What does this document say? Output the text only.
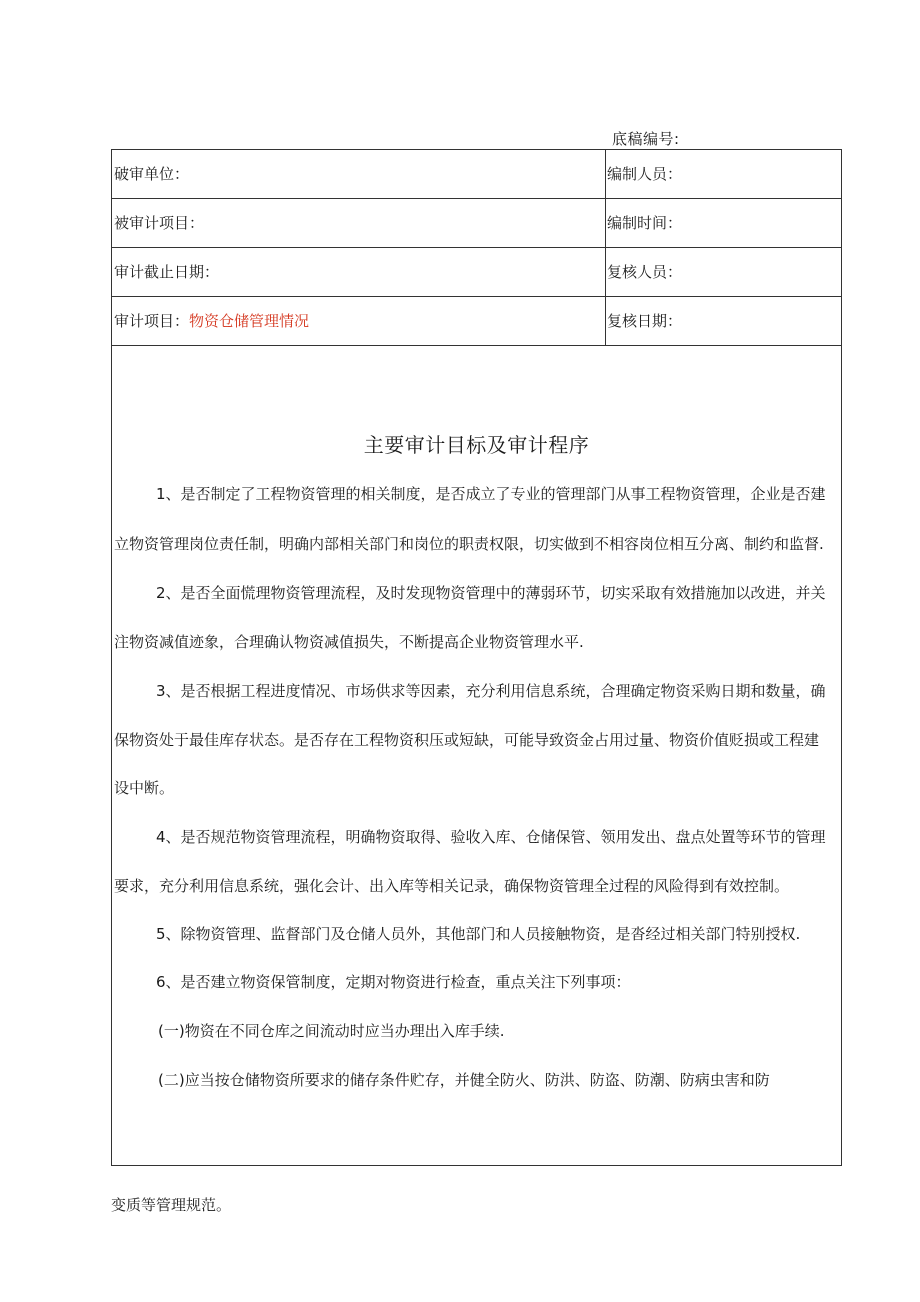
底稿编号:
破审单位：	编制人员：
被审计项目：	编制时间：
审计截止日期：	复核人员：
审计项目：物资仓储管理情况	复核日期：
主要审计目标及审计程序
1、是否制定了工程物资管理的相关制度，是否成立了专业的管理部门从事工程物资管理，企业是否建
立物资管理岗位责任制，明确内部相关部门和岗位的职责权限，切实做到不相容岗位相互分离、制约和监督.
2、是否全面慌理物资管理流程，及时发现物资管理中的薄弱环节，切实采取有效措施加以改进，并关
注物资减值迹象，合理确认物资减值损失，不断提高企业物资管理水平.
3、是否根据工程进度情况、市场供求等因素，充分利用信息系统，合理确定物资采购日期和数量，确
保物资处于最佳库存状态。是否存在工程物资积压或短缺，可能导致资金占用过量、物资价值贬损或工程建
设中断。
4、是否规范物资管理流程，明确物资取得、验收入库、仓储保管、领用发出、盘点处置等环节的管理
要求，充分利用信息系统，强化会计、出入库等相关记录，确保物资管理全过程的风险得到有效控制。
5、除物资管理、监督部门及仓储人员外，其他部门和人员接触物资，是沓经过相关部门特别授权.
6、是否建立物资保管制度，定期对物资进行检查，重点关注下列事项：
(一)物资在不同仓库之间流动时应当办理出入库手续.
(二)应当按仓储物资所要求的储存条件贮存，并健全防火、防洪、防盗、防潮、防病虫害和防
变质等管理规范。
